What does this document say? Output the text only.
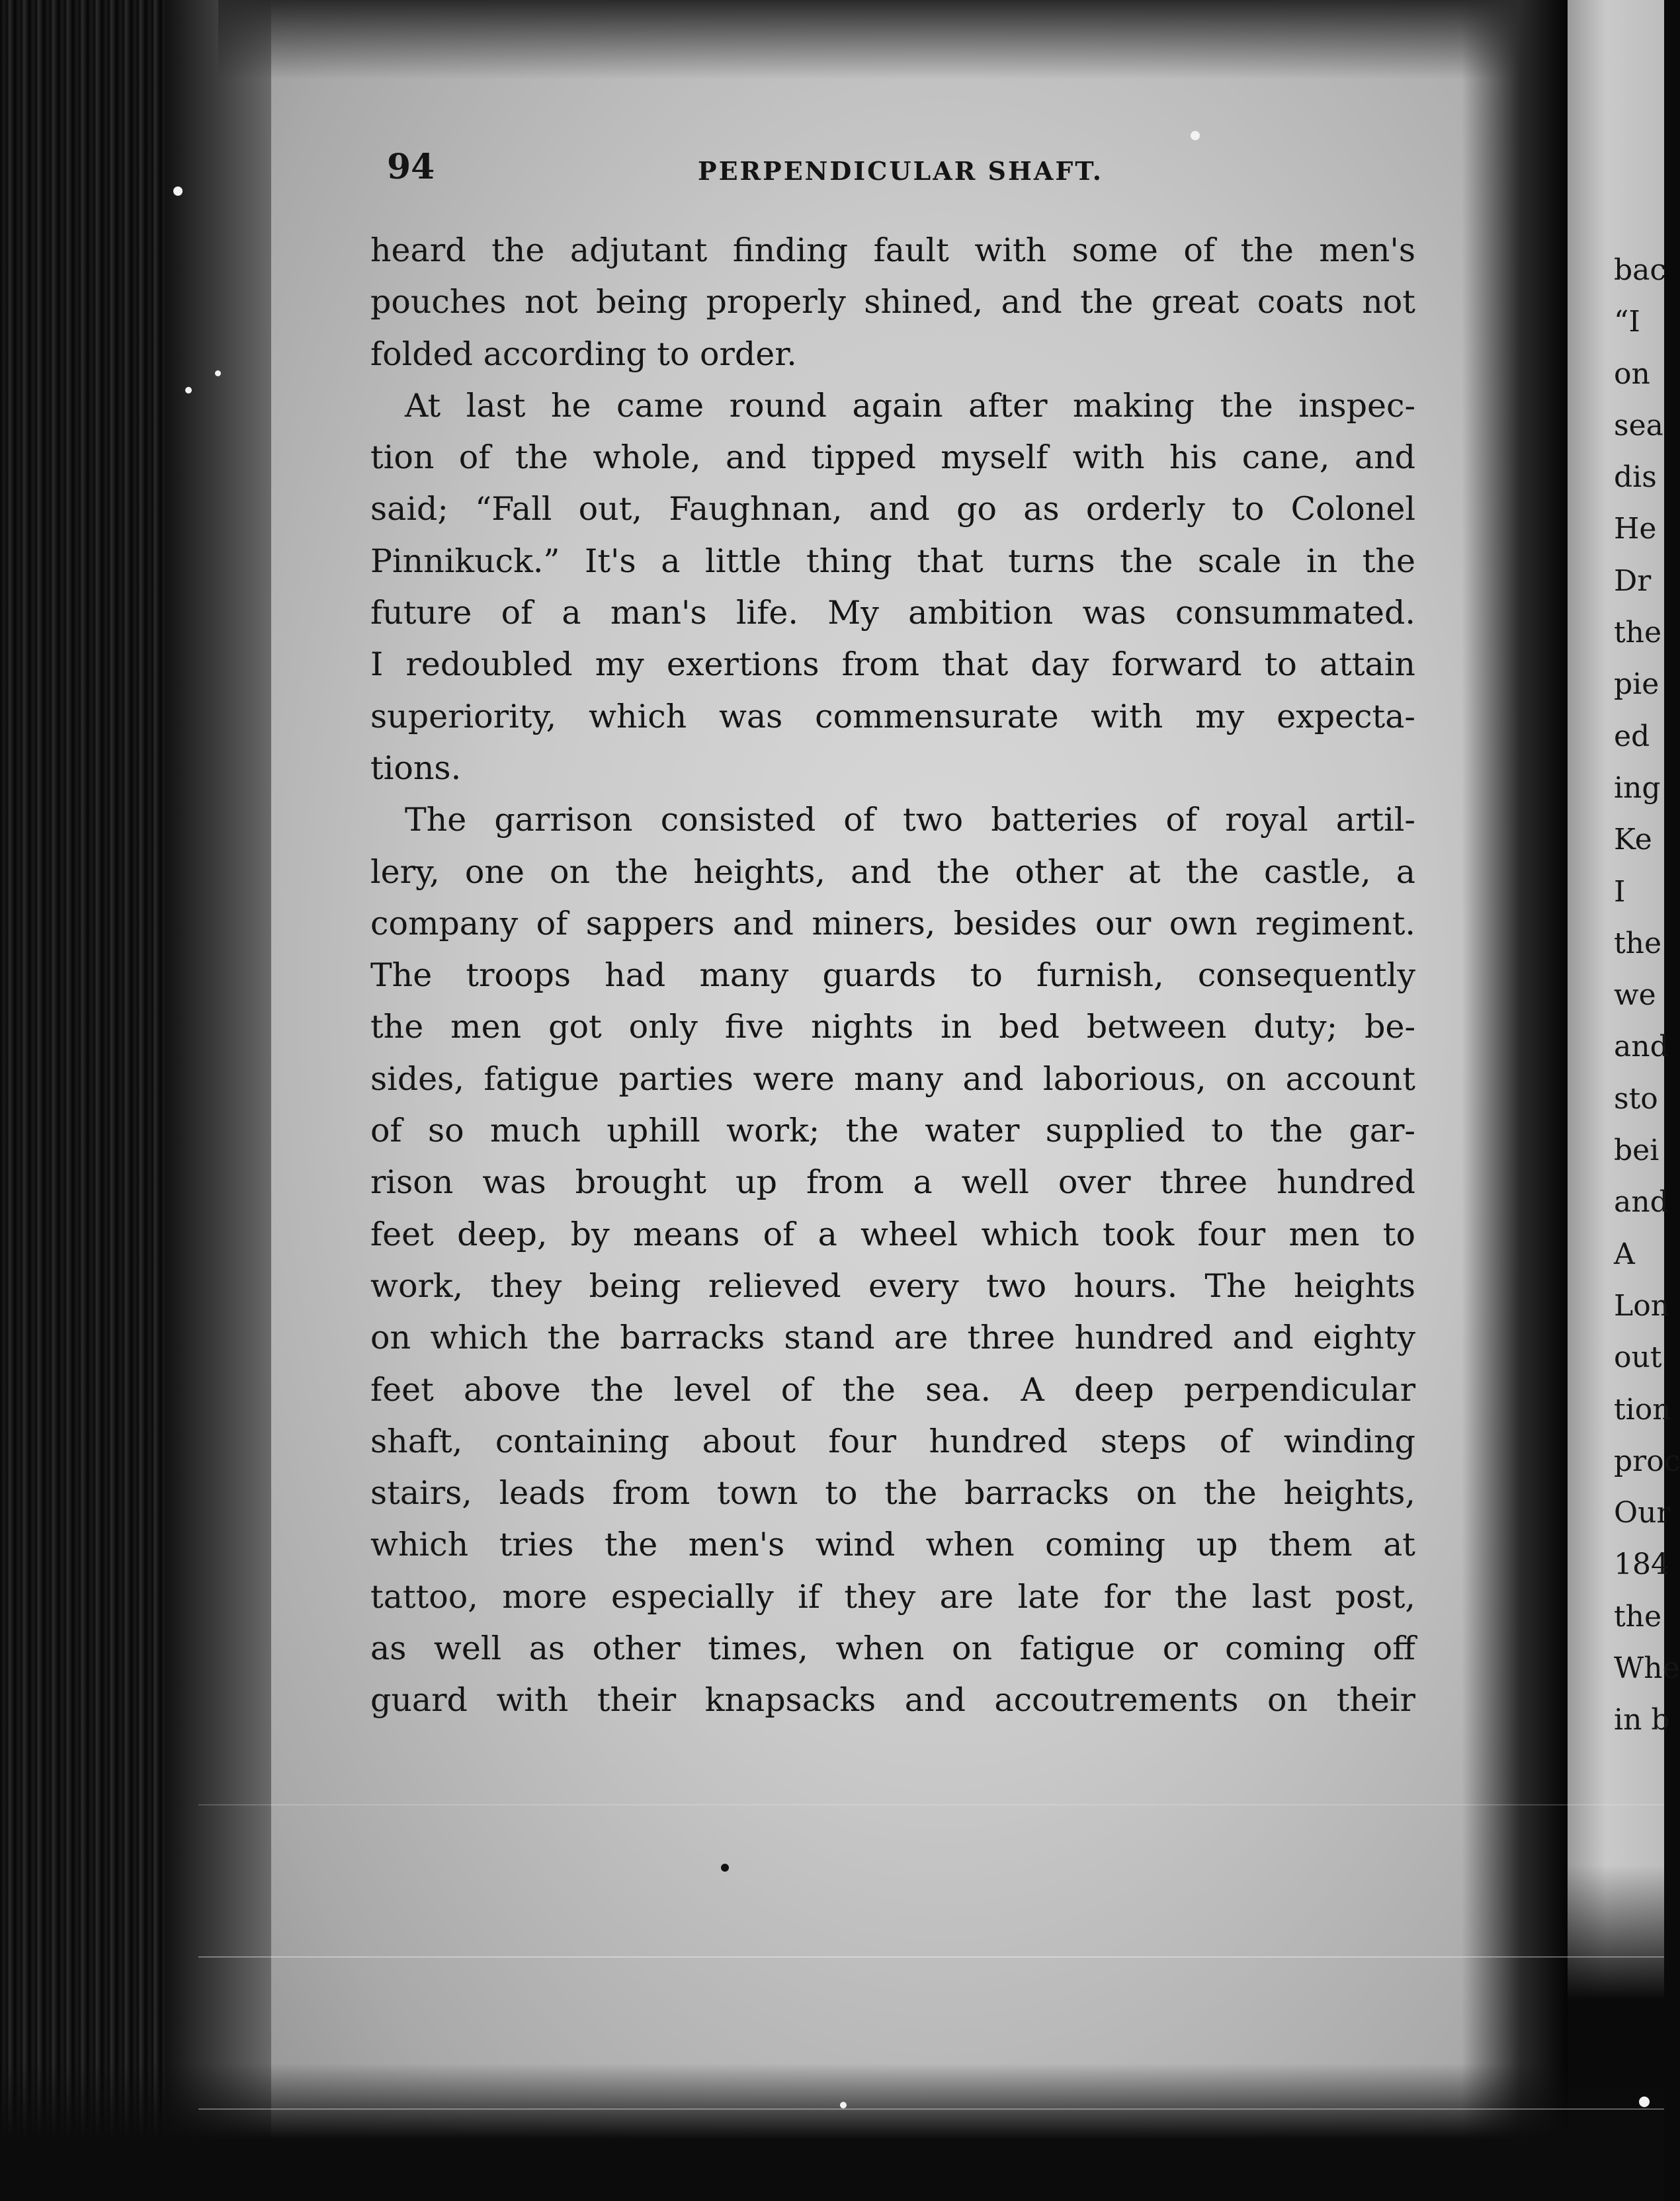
94	PERPENDICULAR SHAFT.
heard the adjutant finding fault with some of the men's
pouches not being properly shined, and the great coats not
folded according to order.
At last he came round again after making the inspec-
tion of the whole, and tipped myself with his cane, and
said; “Fall out, Faughnan, and go as orderly to Colonel
Pinnikuck.” It's a little thing that turns the scale in the
future of a man's life. My ambition was consummated.
I redoubled my exertions from that day forward to attain
superiority, which was commensurate with my expecta-
tions.
The garrison consisted of two batteries of royal artil-
lery, one on the heights, and the other at the castle, a
company of sappers and miners, besides our own regiment.
The troops had many guards to furnish, consequently
the men got only five nights in bed between duty; be-
sides, fatigue parties were many and laborious, on account
of so much uphill work; the water supplied to the gar-
rison was brought up from a well over three hundred
feet deep, by means of a wheel which took four men to
work, they being relieved every two hours. The heights
on which the barracks stand are three hundred and eighty
feet above the level of the sea. A deep perpendicular
shaft, containing about four hundred steps of winding
stairs, leads from town to the barracks on the heights,
which tries the men's wind when coming up them at
tattoo, more especially if they are late for the last post,
as well as other times, when on fatigue or coming off
guard with their knapsacks and accoutrements on their
bac
“I
on
sea
dis
He
Dr
the
pie
ed
ing
Ke
I
the
we
and
sto
bei
and
A
Lon
out
tion
proc
Our
184
the
Whe
in b
